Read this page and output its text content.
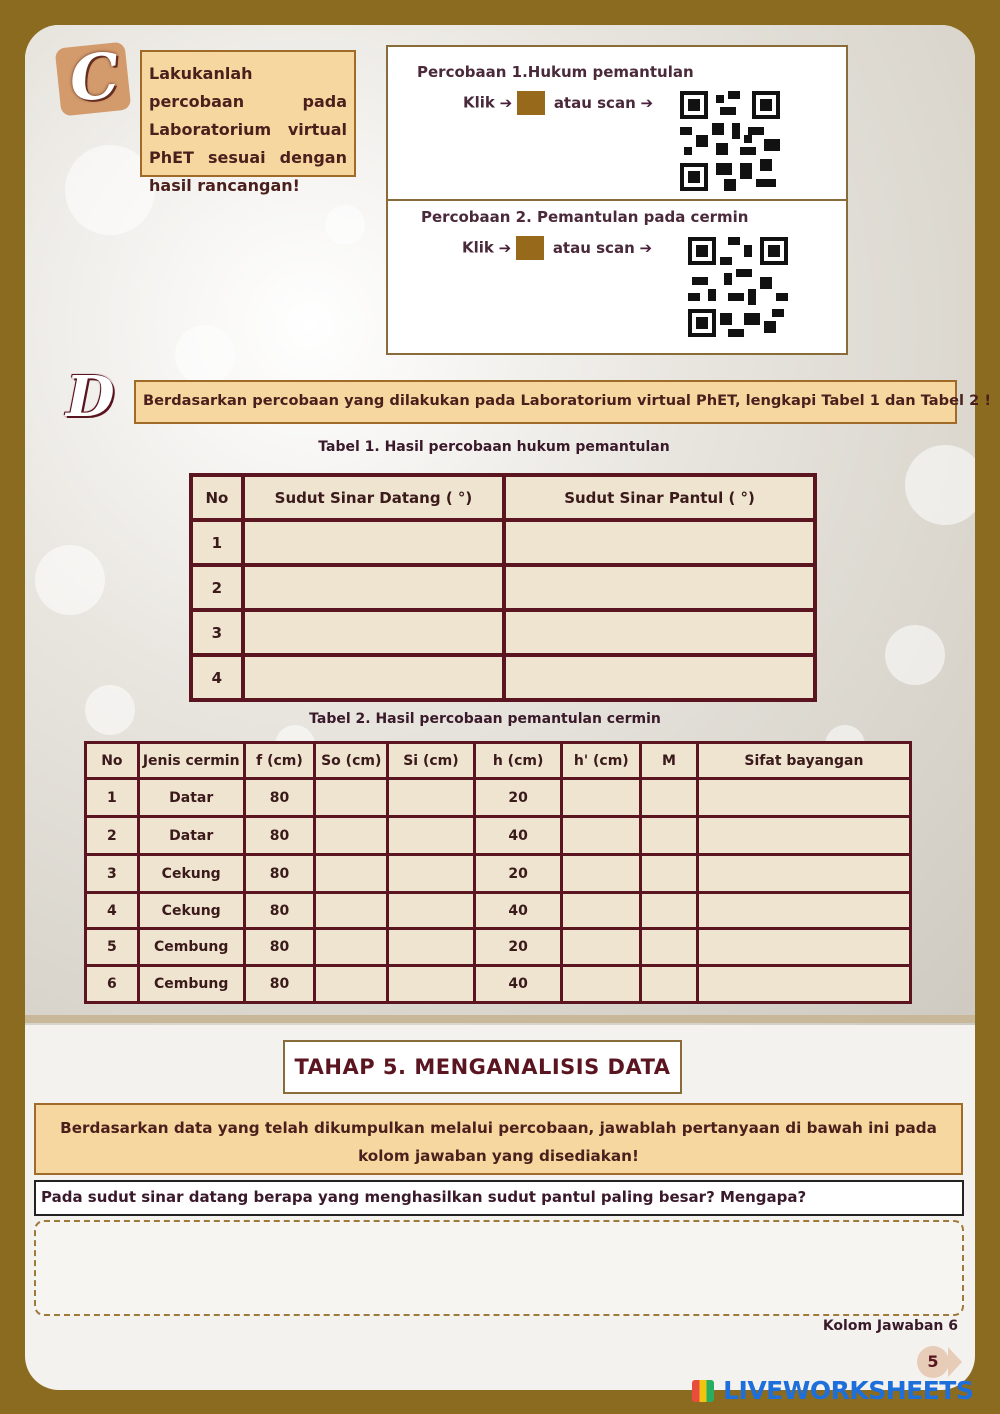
C Lakukanlah percobaan pada Laboratorium virtual PhET sesuai dengan hasil rancangan!
Percobaan 1.Hukum pemantulan
Klik ➔	atau scan ➔
Percobaan 2. Pemantulan pada cermin
Klik ➔	atau scan ➔
D Berdasarkan percobaan yang dilakukan pada Laboratorium virtual PhET, lengkapi Tabel 1 dan Tabel 2 !
Tabel 1. Hasil percobaan hukum pemantulan
No	Sudut Sinar Datang ( °)	Sudut Sinar Pantul ( °)
1		
2		
3		
4		
Tabel 2. Hasil percobaan pemantulan cermin
No	Jenis cermin	f (cm)	So (cm)	Si (cm)	h (cm)	h' (cm)	M	Sifat bayangan
1	Datar	80			20			
2	Datar	80			40			
3	Cekung	80			20			
4	Cekung	80			40			
5	Cembung	80			20			
6	Cembung	80			40			
TAHAP 5. MENGANALISIS DATA
Berdasarkan data yang telah dikumpulkan melalui percobaan, jawablah pertanyaan di bawah ini pada kolom jawaban yang disediakan!
Pada sudut sinar datang berapa yang menghasilkan sudut pantul paling besar? Mengapa?
Kolom Jawaban 6
5
LIVEWORKSHEETS
